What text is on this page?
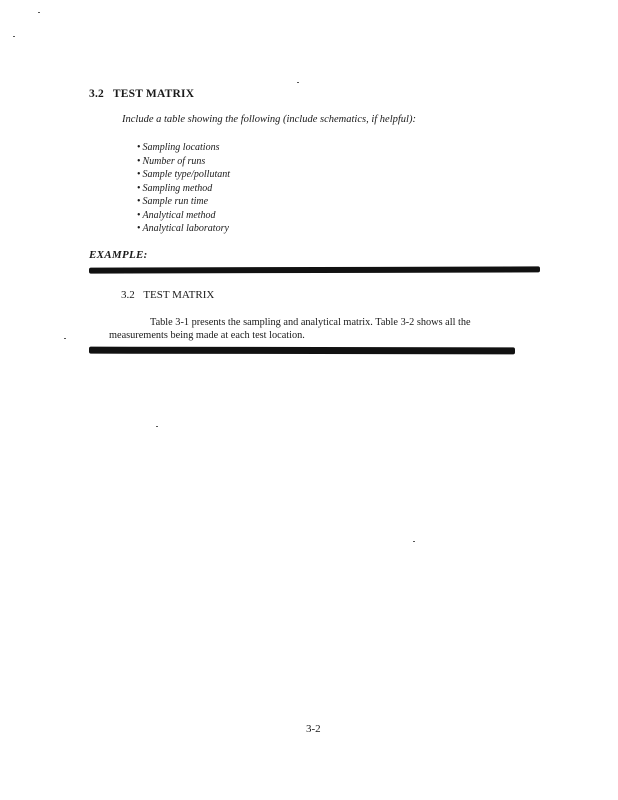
3.2 TEST MATRIX
Include a table showing the following (include schematics, if helpful):
• Sampling locations
• Number of runs
• Sample type/pollutant
• Sampling method
• Sample run time
• Analytical method
• Analytical laboratory
EXAMPLE:
3.2 TEST MATRIX
Table 3-1 presents the sampling and analytical matrix. Table 3-2 shows all the measurements being made at each test location.
3-2
